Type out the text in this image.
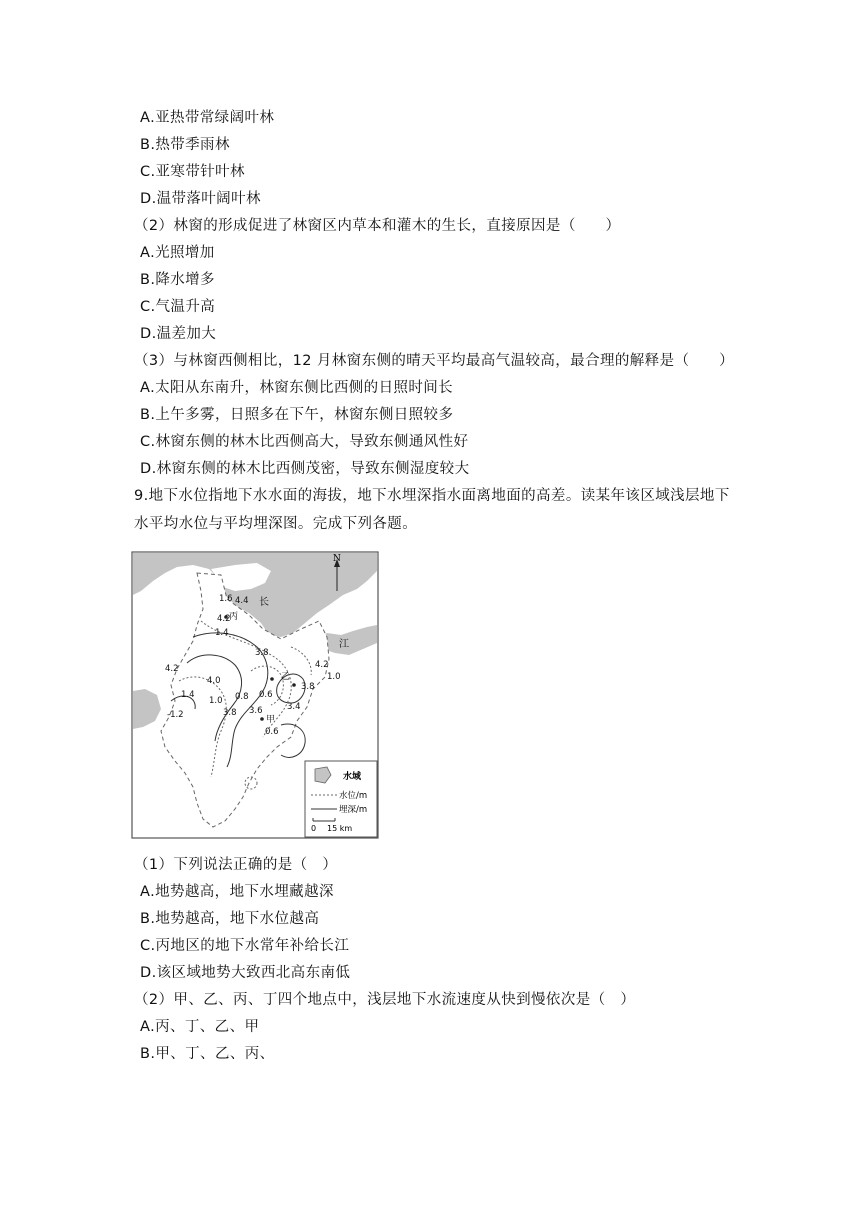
A.亚热带常绿阔叶林
B.热带季雨林
C.亚寒带针叶林
D.温带落叶阔叶林
（2）林窗的形成促进了林窗区内草本和灌木的生长，直接原因是（　　）
A.光照增加
B.降水增多
C.气温升高
D.温差加大
（3）与林窗西侧相比，12 月林窗东侧的晴天平均最高气温较高，最合理的解释是（　　）
A.太阳从东南升，林窗东侧比西侧的日照时间长
B.上午多雾，日照多在下午，林窗东侧日照较多
C.林窗东侧的林木比西侧高大，导致东侧通风性好
D.林窗东侧的林木比西侧茂密，导致东侧湿度较大
9.地下水位指地下水水面的海拔，地下水埋深指水面离地面的高差。读某年该区域浅层地下
水平均水位与平均埋深图。完成下列各题。
N
长
江
丙
乙
甲
1.6 4.4
4.2
1.4
3.8
4.2
1.0
4.2
4.0
0.6
3.8
1.4
1.0 0.8
3.6	3.4
-1.2	3.8
0.6
水域
水位/m
埋深/m
0 15 km
（1）下列说法正确的是（　）
A.地势越高，地下水埋藏越深
B.地势越高，地下水位越高
C.丙地区的地下水常年补给长江
D.该区域地势大致西北高东南低
（2）甲、乙、丙、丁四个地点中，浅层地下水流速度从快到慢依次是（　）
A.丙、丁、乙、甲
B.甲、丁、乙、丙、
